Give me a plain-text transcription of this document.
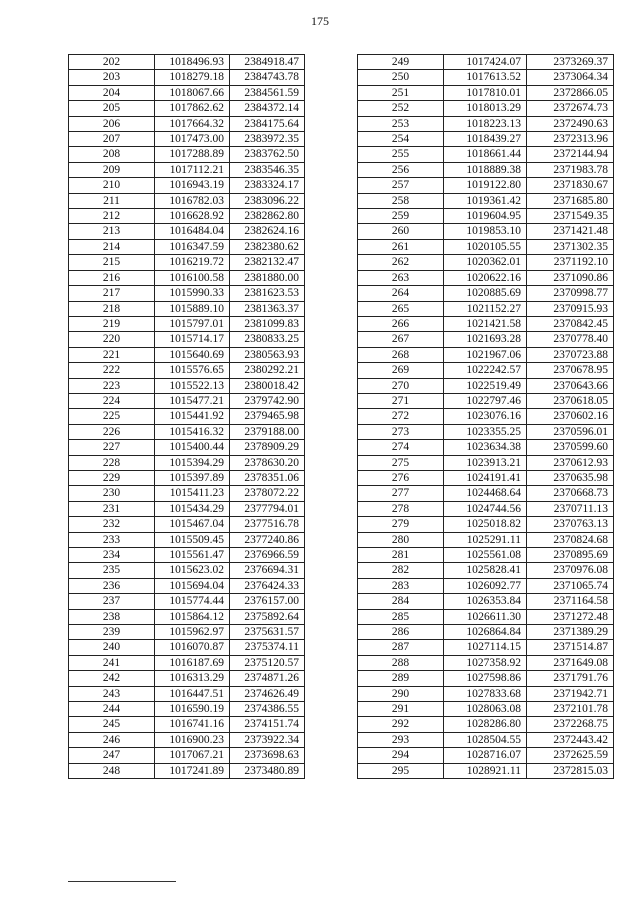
175
202	1018496.93	2384918.47
203	1018279.18	2384743.78
204	1018067.66	2384561.59
205	1017862.62	2384372.14
206	1017664.32	2384175.64
207	1017473.00	2383972.35
208	1017288.89	2383762.50
209	1017112.21	2383546.35
210	1016943.19	2383324.17
211	1016782.03	2383096.22
212	1016628.92	2382862.80
213	1016484.04	2382624.16
214	1016347.59	2382380.62
215	1016219.72	2382132.47
216	1016100.58	2381880.00
217	1015990.33	2381623.53
218	1015889.10	2381363.37
219	1015797.01	2381099.83
220	1015714.17	2380833.25
221	1015640.69	2380563.93
222	1015576.65	2380292.21
223	1015522.13	2380018.42
224	1015477.21	2379742.90
225	1015441.92	2379465.98
226	1015416.32	2379188.00
227	1015400.44	2378909.29
228	1015394.29	2378630.20
229	1015397.89	2378351.06
230	1015411.23	2378072.22
231	1015434.29	2377794.01
232	1015467.04	2377516.78
233	1015509.45	2377240.86
234	1015561.47	2376966.59
235	1015623.02	2376694.31
236	1015694.04	2376424.33
237	1015774.44	2376157.00
238	1015864.12	2375892.64
239	1015962.97	2375631.57
240	1016070.87	2375374.11
241	1016187.69	2375120.57
242	1016313.29	2374871.26
243	1016447.51	2374626.49
244	1016590.19	2374386.55
245	1016741.16	2374151.74
246	1016900.23	2373922.34
247	1017067.21	2373698.63
248	1017241.89	2373480.89
249	1017424.07	2373269.37
250	1017613.52	2373064.34
251	1017810.01	2372866.05
252	1018013.29	2372674.73
253	1018223.13	2372490.63
254	1018439.27	2372313.96
255	1018661.44	2372144.94
256	1018889.38	2371983.78
257	1019122.80	2371830.67
258	1019361.42	2371685.80
259	1019604.95	2371549.35
260	1019853.10	2371421.48
261	1020105.55	2371302.35
262	1020362.01	2371192.10
263	1020622.16	2371090.86
264	1020885.69	2370998.77
265	1021152.27	2370915.93
266	1021421.58	2370842.45
267	1021693.28	2370778.40
268	1021967.06	2370723.88
269	1022242.57	2370678.95
270	1022519.49	2370643.66
271	1022797.46	2370618.05
272	1023076.16	2370602.16
273	1023355.25	2370596.01
274	1023634.38	2370599.60
275	1023913.21	2370612.93
276	1024191.41	2370635.98
277	1024468.64	2370668.73
278	1024744.56	2370711.13
279	1025018.82	2370763.13
280	1025291.11	2370824.68
281	1025561.08	2370895.69
282	1025828.41	2370976.08
283	1026092.77	2371065.74
284	1026353.84	2371164.58
285	1026611.30	2371272.48
286	1026864.84	2371389.29
287	1027114.15	2371514.87
288	1027358.92	2371649.08
289	1027598.86	2371791.76
290	1027833.68	2371942.71
291	1028063.08	2372101.78
292	1028286.80	2372268.75
293	1028504.55	2372443.42
294	1028716.07	2372625.59
295	1028921.11	2372815.03
